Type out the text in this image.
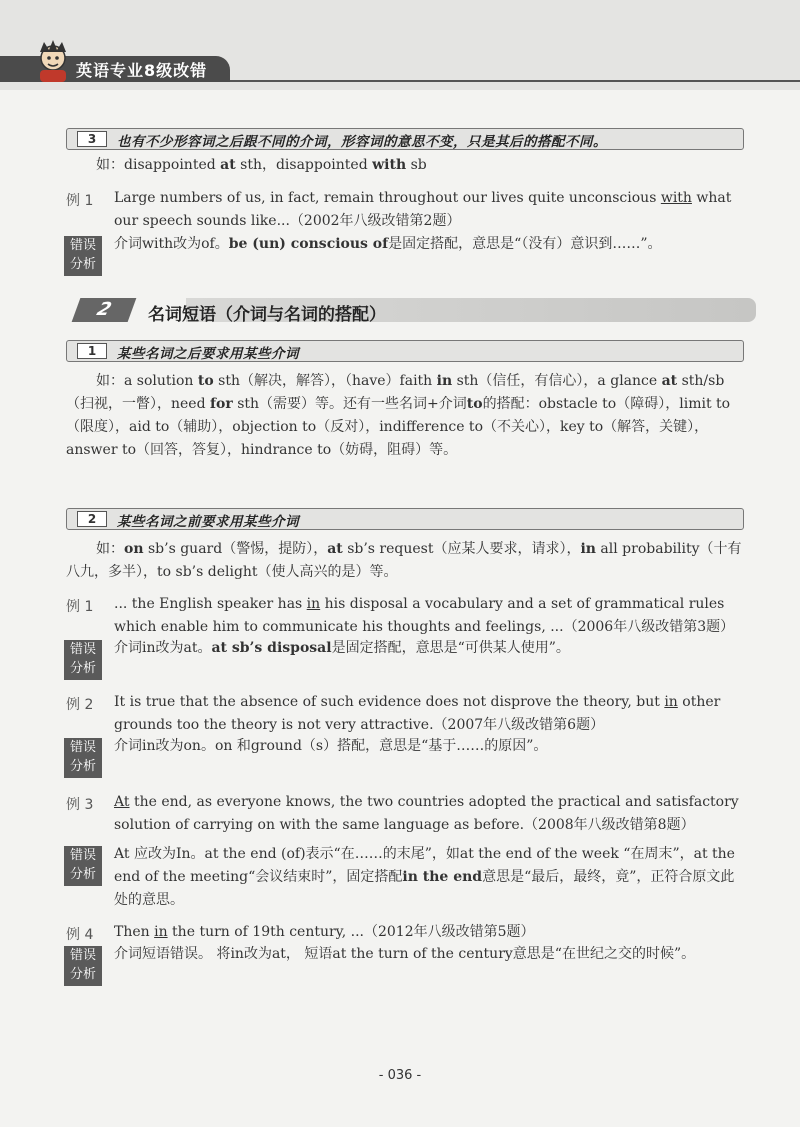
英语专业8级改错
3	也有不少形容词之后跟不同的介词，形容词的意思不变，只是其后的搭配不同。
如：disappointed at sth，disappointed with sb
例 1 Large numbers of us, in fact, remain throughout our lives quite unconscious with what our speech sounds like...（2002年八级改错第2题）
错误分析
介词with改为of。be (un) conscious of是固定搭配，意思是“（没有）意识到……”。
2	名词短语（介词与名词的搭配）
1	某些名词之后要求用某些介词
如：a solution to sth（解决，解答），（have）faith in sth（信任，有信心），a glance at sth/sb（扫视，一瞥），need for sth（需要）等。还有一些名词+介词to的搭配：obstacle to（障碍），limit to（限度），aid to（辅助），objection to（反对），indifference to（不关心），key to（解答，关键），answer to（回答，答复），hindrance to（妨碍，阻碍）等。
2	某些名词之前要求用某些介词
如：on sb’s guard（警惕，提防），at sb’s request（应某人要求，请求），in all probability（十有八九，多半），to sb’s delight（使人高兴的是）等。
例 1 ... the English speaker has in his disposal a vocabulary and a set of grammatical rules which enable him to communicate his thoughts and feelings, ...（2006年八级改错第3题）
错误分析
介词in改为at。at sb’s disposal是固定搭配，意思是“可供某人使用”。
例 2 It is true that the absence of such evidence does not disprove the theory, but in other grounds too the theory is not very attractive.（2007年八级改错第6题）
错误分析
介词in改为on。on 和ground（s）搭配，意思是“基于……的原因”。
例 3 At the end, as everyone knows, the two countries adopted the practical and satisfactory solution of carrying on with the same language as before.（2008年八级改错第8题）
错误分析
At 应改为In。at the end (of)表示“在……的末尾”，如at the end of the week “在周末”，at the end of the meeting“会议结束时”，固定搭配in the end意思是“最后，最终，竟”，正符合原文此处的意思。
例 4 Then in the turn of 19th century, ...（2012年八级改错第5题）
错误分析
介词短语错误。 将in改为at， 短语at the turn of the century意思是“在世纪之交的时候”。
- 036 -
